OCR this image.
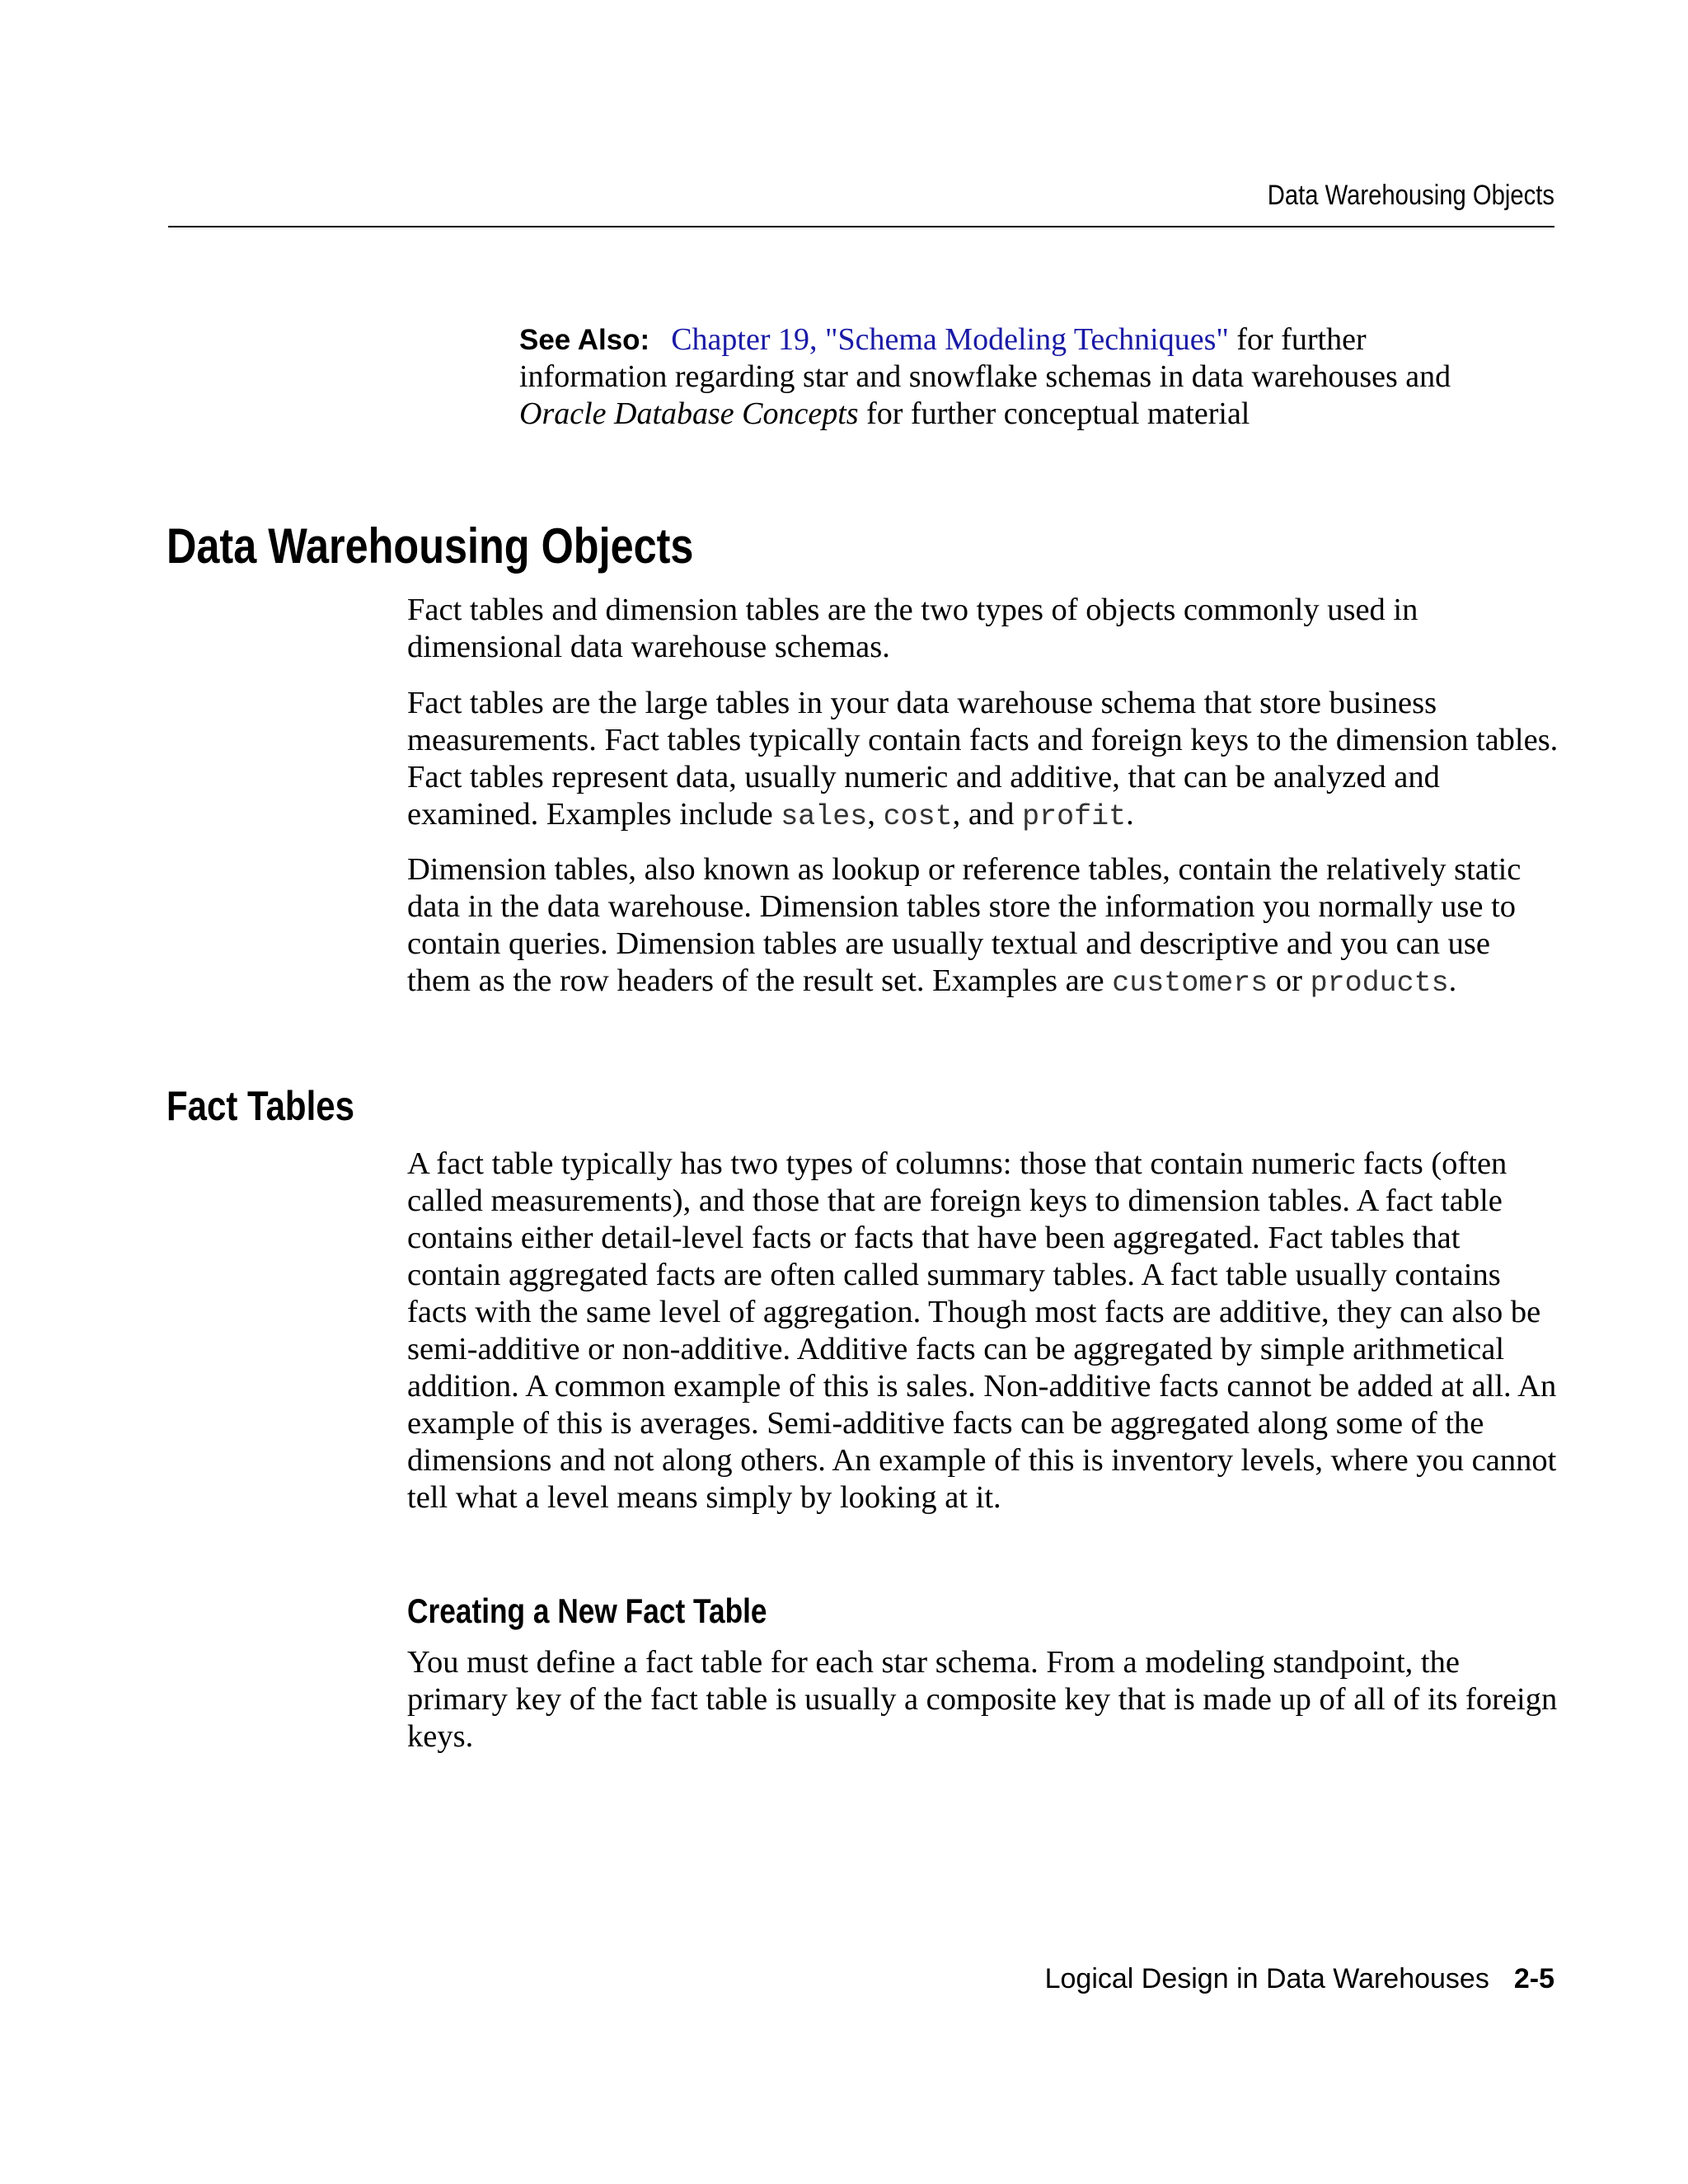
Data Warehousing Objects
See Also: Chapter 19, "Schema Modeling Techniques" for further information regarding star and snowflake schemas in data warehouses and Oracle Database Concepts for further conceptual material
Data Warehousing Objects

Fact tables and dimension tables are the two types of objects commonly used in dimensional data warehouse schemas.

Fact tables are the large tables in your data warehouse schema that store business measurements. Fact tables typically contain facts and foreign keys to the dimension tables. Fact tables represent data, usually numeric and additive, that can be analyzed and examined. Examples include sales, cost, and profit.

Dimension tables, also known as lookup or reference tables, contain the relatively static data in the data warehouse. Dimension tables store the information you normally use to contain queries. Dimension tables are usually textual and descriptive and you can use them as the row headers of the result set. Examples are customers or products.

Fact Tables

A fact table typically has two types of columns: those that contain numeric facts (often called measurements), and those that are foreign keys to dimension tables. A fact table contains either detail-level facts or facts that have been aggregated. Fact tables that contain aggregated facts are often called summary tables. A fact table usually contains facts with the same level of aggregation. Though most facts are additive, they can also be semi-additive or non-additive. Additive facts can be aggregated by simple arithmetical addition. A common example of this is sales. Non-additive facts cannot be added at all. An example of this is averages. Semi-additive facts can be aggregated along some of the dimensions and not along others. An example of this is inventory levels, where you cannot tell what a level means simply by looking at it.

Creating a New Fact Table

You must define a fact table for each star schema. From a modeling standpoint, the primary key of the fact table is usually a composite key that is made up of all of its foreign keys.

Logical Design in Data Warehouses 2-5
